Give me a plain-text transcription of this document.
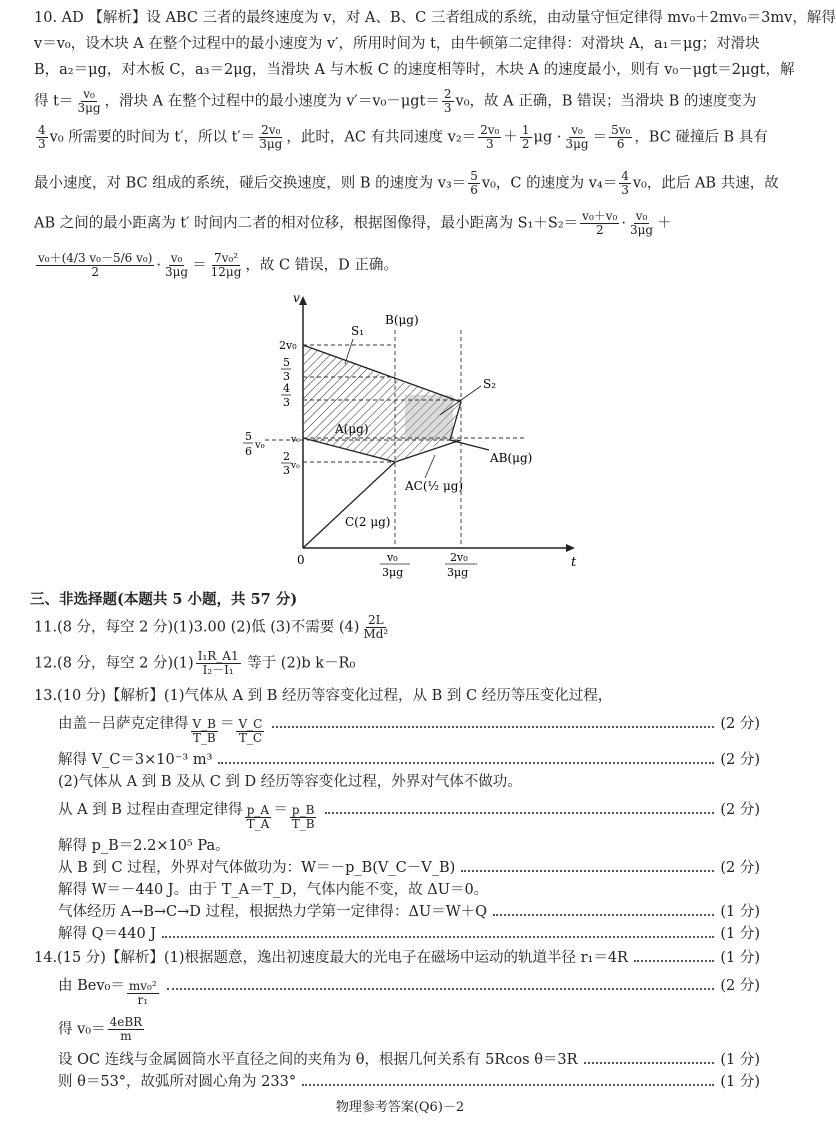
10. AD 【解析】设 ABC 三者的最终速度为 v，对 A、B、C 三者组成的系统，由动量守恒定律得 mv₀＋2mv₀＝3mv，解得
v＝v₀，设木块 A 在整个过程中的最小速度为 v′，所用时间为 t，由牛顿第二定律得：对滑块 A，a₁＝μg；对滑块
B，a₂＝μg，对木板 C，a₃＝2μg，当滑块 A 与木板 C 的速度相等时，木块 A 的速度最小，则有 v₀－μgt＝2μgt，解
得 $t= \frac{\text{v₀}}{3\mu g}$ ，滑块 A 在整个过程中的最小速度为 $v'=v_0-\mu gt= \frac{2}{3} v_0$，故 A 正确，B 错误；当滑块 B 的速度变为
$\frac{4}{3} v_0$ 所需要的时间为 t′，所以 $t'= \frac{\text{2v₀}}{3\mu g}$ ，此时，AC 有共同速度 $v_2= \frac{\text{2v₀}}{3} + \frac{1}{2}$ $\mu g \cdot \frac{\text{v₀}}{3\mu g} = \frac{\text{5v₀}}{6}$ ，BC 碰撞后 B 具有
最小速度，对 BC 组成的系统，碰后交换速度，则 B 的速度为 $v_3= \frac{5}{6} v_0$，C 的速度为 $v_4= \frac{4}{3} v_0$，此后 AB 共速，故
AB 之间的最小距离为 t′ 时间内二者的相对位移，根据图像得，最小距离为 $S_1+S_2= \frac{\text{v₀＋v₀}}{2} \cdot \frac{\text{v₀}}{3\mu g}$ ＋
$\frac{\text{v₀＋(4/3 v₀－5/6 v₀)}}{2} \cdot \frac{\text{v₀}}{3\mu g} = \frac{\text{7v₀²}}{12\mu g}$ ，故 C 错误，D 正确。
S₁
B(μg)
S₂
A(μg)
AB(μg)
AC(½ μg)
C(2 μg)
v
t
0
2v₀
5
3
4
3
v₀
5
6 v₀
2
3 v₀
v₀
3μg
2v₀
3μg
三、非选择题(本题共 5 小题，共 57 分)
11.(8 分，每空 2 分)(1)3.00 (2)低 (3)不需要 $(4) \frac{2L}{\text{Md²}}$
12.(8 分，每空 2 分)$(1) \frac{\text{I₁R\_A1}}{\text{I₂－I₁}}$ 等于 (2)b k－R₀
13.(10 分)【解析】(1)气体从 A 到 B 经历等容变化过程，从 B 到 C 经历等压变化过程，
由盖－吕萨克定律得 V_B
T_B
＝ V_C
T_C
(2 分)
解得 V_C＝3×10⁻³ m³	(2 分)
(2)气体从 A 到 B 及从 C 到 D 经历等容变化过程，外界对气体不做功。
从 A 到 B 过程由查理定律得 p_A
T_A
＝ p_B
T_B
(2 分)
解得 p_B＝2.2×10⁵ Pa。
从 B 到 C 过程，外界对气体做功为：W＝－p_B(V_C－V_B)	(2 分)
解得 W＝－440 J。由于 T_A＝T_D，气体内能不变，故 ΔU＝0。
气体经历 A→B→C→D 过程，根据热力学第一定律得：ΔU＝W＋Q	(1 分)
解得 Q＝440 J	(1 分)
14.(15 分)【解析】(1)根据题意，逸出初速度最大的光电子在磁场中运动的轨道半径 r₁＝4R	(1 分)
由 Bev₀＝ mv₀²
r₁
(2 分)
得 v₀＝ 4eBR
m
设 OC 连线与金属圆筒水平直径之间的夹角为 θ，根据几何关系有 5Rcos θ＝3R	(1 分)
则 θ＝53°，故弧所对圆心角为 233°	(1 分)
物理参考答案(Q6)－2
